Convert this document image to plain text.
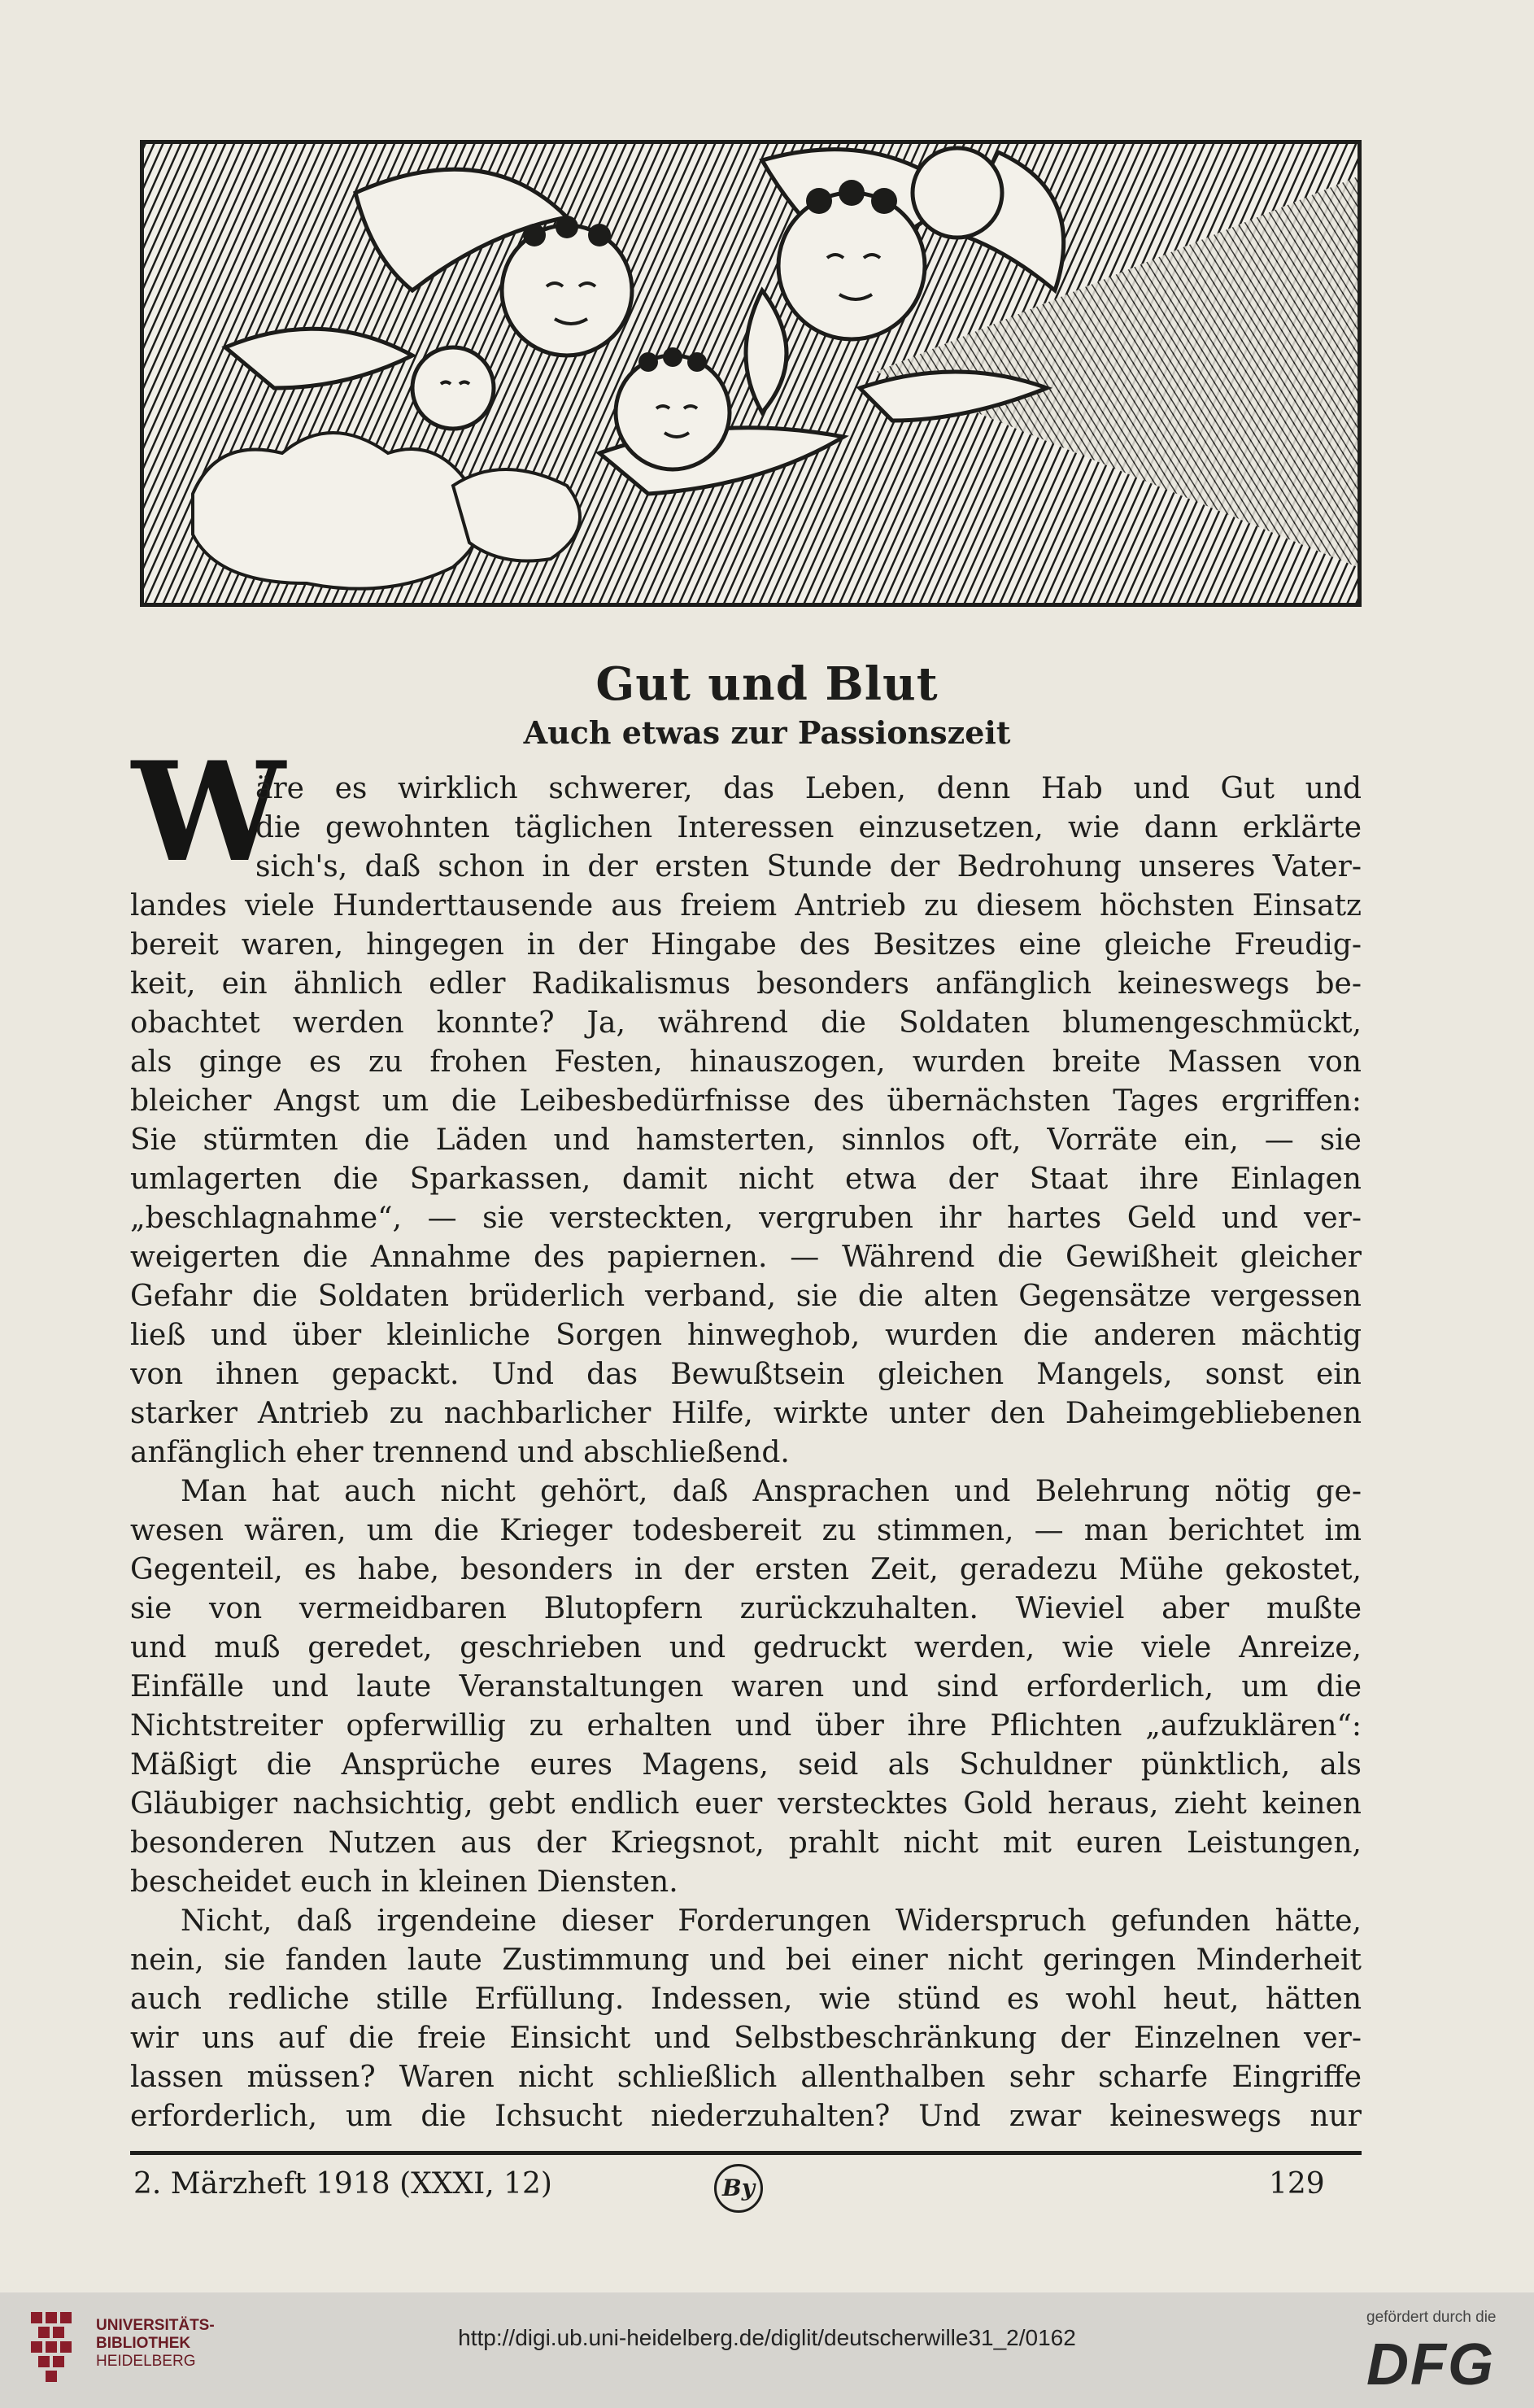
Gut und Blut
Auch etwas zur Passionszeit
W
äre es wirklich schwerer, das Leben, denn Hab und Gut und
die gewohnten täglichen Interessen einzusetzen, wie dann erklärte
sich's, daß schon in der ersten Stunde der Bedrohung unseres Vater-
landes viele Hunderttausende aus freiem Antrieb zu diesem höchsten Einsatz
bereit waren, hingegen in der Hingabe des Besitzes eine gleiche Freudig-
keit, ein ähnlich edler Radikalismus besonders anfänglich keineswegs be-
obachtet werden konnte? Ja, während die Soldaten blumengeschmückt,
als ginge es zu frohen Festen, hinauszogen, wurden breite Massen von
bleicher Angst um die Leibesbedürfnisse des übernächsten Tages ergriffen:
Sie stürmten die Läden und hamsterten, sinnlos oft, Vorräte ein, — sie
umlagerten die Sparkassen, damit nicht etwa der Staat ihre Einlagen
„beschlagnahme“, — sie versteckten, vergruben ihr hartes Geld und ver-
weigerten die Annahme des papiernen. — Während die Gewißheit gleicher
Gefahr die Soldaten brüderlich verband, sie die alten Gegensätze vergessen
ließ und über kleinliche Sorgen hinweghob, wurden die anderen mächtig
von ihnen gepackt. Und das Bewußtsein gleichen Mangels, sonst ein
starker Antrieb zu nachbarlicher Hilfe, wirkte unter den Daheimgebliebenen
anfänglich eher trennend und abschließend.
Man hat auch nicht gehört, daß Ansprachen und Belehrung nötig ge-
wesen wären, um die Krieger todesbereit zu stimmen, — man berichtet im
Gegenteil, es habe, besonders in der ersten Zeit, geradezu Mühe gekostet,
sie von vermeidbaren Blutopfern zurückzuhalten. Wieviel aber mußte
und muß geredet, geschrieben und gedruckt werden, wie viele Anreize,
Einfälle und laute Veranstaltungen waren und sind erforderlich, um die
Nichtstreiter opferwillig zu erhalten und über ihre Pflichten „aufzuklären“:
Mäßigt die Ansprüche eures Magens, seid als Schuldner pünktlich, als
Gläubiger nachsichtig, gebt endlich euer verstecktes Gold heraus, zieht keinen
besonderen Nutzen aus der Kriegsnot, prahlt nicht mit euren Leistungen,
bescheidet euch in kleinen Diensten.
Nicht, daß irgendeine dieser Forderungen Widerspruch gefunden hätte,
nein, sie fanden laute Zustimmung und bei einer nicht geringen Minderheit
auch redliche stille Erfüllung. Indessen, wie stünd es wohl heut, hätten
wir uns auf die freie Einsicht und Selbstbeschränkung der Einzelnen ver-
lassen müssen? Waren nicht schließlich allenthalben sehr scharfe Eingriffe
erforderlich, um die Ichsucht niederzuhalten? Und zwar keineswegs nur
2. Märzheft 1918 (XXXI, 12)	By	129
UNIVERSITÄTS-
BIBLIOTHEK
HEIDELBERG
http://digi.ub.uni-heidelberg.de/diglit/deutscherwille31_2/0162
gefördert durch die
DFG
